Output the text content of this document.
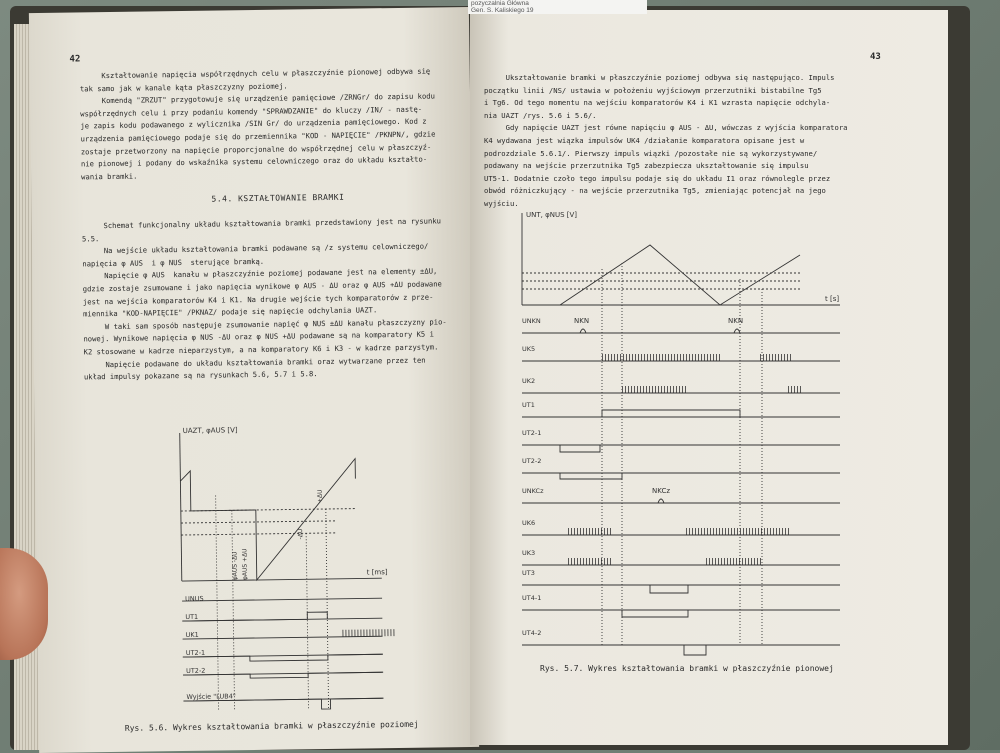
42
Kształtowanie napięcia współrzędnych celu w płaszczyźnie pionowej odbywa się
tak samo jak w kanale kąta płaszczyzny poziomej.
Komendą "ZRZUT" przygotowuje się urządzenie pamięciowe /ZRNGr/ do zapisu kodu
współrzędnych celu i przy podaniu komendy "SPRAWDZANIE" do kluczy /IN/ - nastę-
je zapis kodu podawanego z wylicznika /SIN Gr/ do urządzenia pamięciowego. Kod z
urządzenia pamięciowego podaje się do przemiennika "KOD - NAPIĘCIE" /PKNPN/, gdzie
zostaje przetworzony na napięcie proporcjonalne do współrzędnej celu w płaszczyź-
nie pionowej i podany do wskaźnika systemu celowniczego oraz do układu kształto-
wania bramki.
5.4. KSZTAŁTOWANIE BRAMKI
Schemat funkcjonalny układu kształtowania bramki przedstawiony jest na rysunku
5.5.
Na wejście układu kształtowania bramki podawane są /z systemu celowniczego/
napięcia φ AUS  i φ NUS  sterujące bramką.
Napięcie φ AUS  kanału w płaszczyźnie poziomej podawane jest na elementy ±ΔU,
gdzie zostaje zsumowane i jako napięcia wynikowe φ AUS - ΔU oraz φ AUS +ΔU podawane
jest na wejścia komparatorów K4 i K1. Na drugie wejście tych komparatorów z prze-
miennika "KOD-NAPIĘCIE" /PKNAZ/ podaje się napięcie odchylania UAZT.
W taki sam sposób następuje zsumowanie napięć φ NUS ±ΔU kanału płaszczyzny pio-
nowej. Wynikowe napięcia φ NUS -ΔU oraz φ NUS +ΔU podawane są na komparatory K5 i
K2 stosowane w kadrze nieparzystym, a na komparatory K6 i K3 - w kadrze parzystym.
Napięcie podawane do układu kształtowania bramki oraz wytwarzane przez ten
układ impulsy pokazane są na rysunkach 5.6, 5.7 i 5.8.
UAZT, φAUS [V]
t [ms]
UNUS
UT1
UK1
UT2-1
UT2-2
Wyjście "LUB4"
+ΔU
-ΔU
φAUS -ΔU φAUS +ΔU
Rys. 5.6. Wykres kształtowania bramki w płaszczyźnie poziomej
43
Ukształtowanie bramki w płaszczyźnie poziomej odbywa się następująco. Impuls
początku linii /NS/ ustawia w położeniu wyjściowym przerzutniki bistabilne Tg5
i Tg6. Od tego momentu na wejściu komparatorów K4 i K1 wzrasta napięcie odchyla-
nia UAZT /rys. 5.6 i 5.6/.
Gdy napięcie UAZT jest równe napięciu φ AUS - ΔU, wówczas z wyjścia komparatora
K4 wydawana jest wiązka impulsów UK4 /działanie komparatora opisane jest w
podrozdziale 5.6.1/. Pierwszy impuls wiązki /pozostałe nie są wykorzystywane/
podawany na wejście przerzutnika Tg5 zabezpiecza ukształtowanie się impulsu
UT5-1. Dodatnie czoło tego impulsu podaje się do układu I1 oraz równolegle przez
obwód różniczkujący - na wejście przerzutnika Tg5, zmieniając potencjał na jego
wyjściu.
UNT, φNUS [V]
t [s]
NKN	NKN
NKCz
UNKN
UK5
UK2
UT1
UT2-1
UT2-2
UNKCz
UK6
UK3
UT3
UT4-1
UT4-2
Rys. 5.7. Wykres kształtowania bramki w płaszczyźnie pionowej
pozyczalnia Główna
Gen. S. Kaliskiego 19
